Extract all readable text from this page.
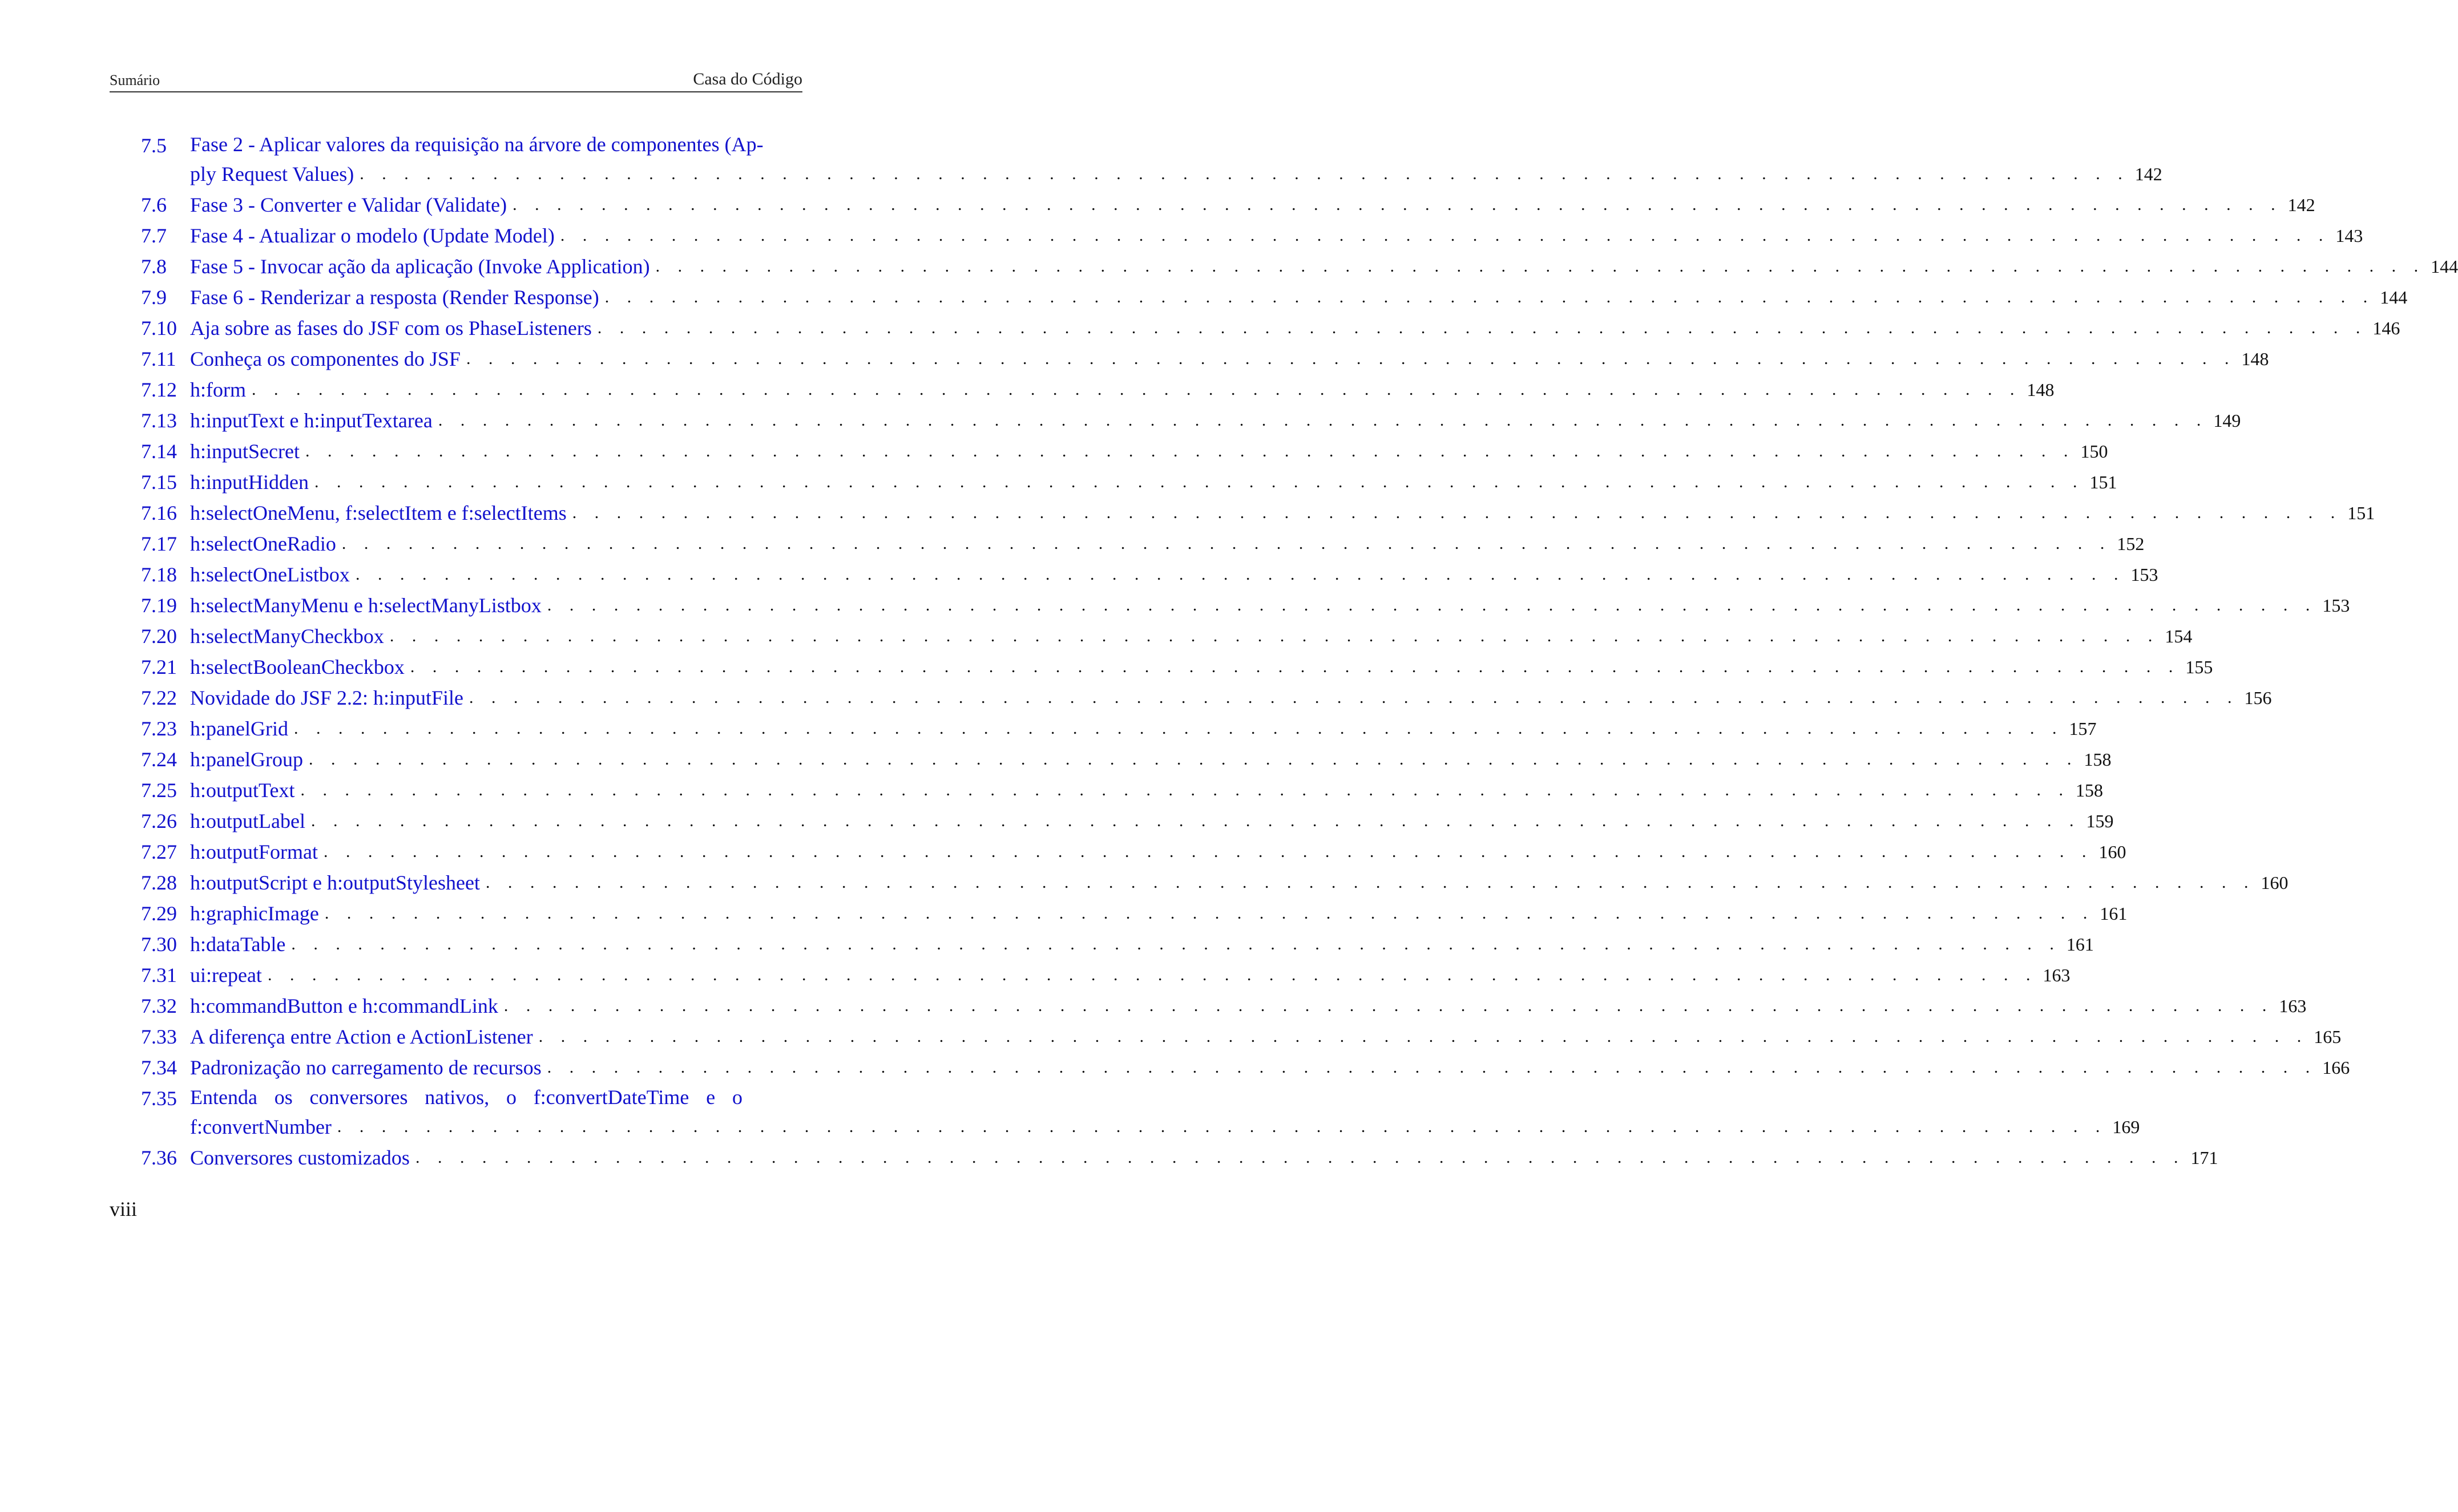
Sumário	Casa do Código
7.5	Fase 2 - Aplicar valores da requisição na árvore de componentes (Ap-
ply Request Values) . . . . . . . . . . . . . . . . . . . . . . . . . . . . . . . . . . . . . . . . . . . . . . . . . . . . . . . . . . . . . . . . . . . . . . . . . . . . . . . . 142
7.6	Fase 3 - Converter e Validar (Validate) . . . . . . . . . . . . . . . . . . . . . . . . . . . . . . . . . . . . . . . . . . . . . . . . . . . . . . . . . . . . . . . . . . . . . . . . . . . . . . . . 142
7.7	Fase 4 - Atualizar o modelo (Update Model) . . . . . . . . . . . . . . . . . . . . . . . . . . . . . . . . . . . . . . . . . . . . . . . . . . . . . . . . . . . . . . . . . . . . . . . . . . . . . . . . 143
7.8	Fase 5 - Invocar ação da aplicação (Invoke Application) . . . . . . . . . . . . . . . . . . . . . . . . . . . . . . . . . . . . . . . . . . . . . . . . . . . . . . . . . . . . . . . . . . . . . . . . . . . . . . . . 144
7.9	Fase 6 - Renderizar a resposta (Render Response) . . . . . . . . . . . . . . . . . . . . . . . . . . . . . . . . . . . . . . . . . . . . . . . . . . . . . . . . . . . . . . . . . . . . . . . . . . . . . . . . 144
7.10 Aja sobre as fases do JSF com os PhaseListeners . . . . . . . . . . . . . . . . . . . . . . . . . . . . . . . . . . . . . . . . . . . . . . . . . . . . . . . . . . . . . . . . . . . . . . . . . . . . . . . . 146
7.11 Conheça os componentes do JSF . . . . . . . . . . . . . . . . . . . . . . . . . . . . . . . . . . . . . . . . . . . . . . . . . . . . . . . . . . . . . . . . . . . . . . . . . . . . . . . . 148
7.12 h:form . . . . . . . . . . . . . . . . . . . . . . . . . . . . . . . . . . . . . . . . . . . . . . . . . . . . . . . . . . . . . . . . . . . . . . . . . . . . . . . . 148
7.13 h:inputText e h:inputTextarea . . . . . . . . . . . . . . . . . . . . . . . . . . . . . . . . . . . . . . . . . . . . . . . . . . . . . . . . . . . . . . . . . . . . . . . . . . . . . . . . 149
7.14 h:inputSecret . . . . . . . . . . . . . . . . . . . . . . . . . . . . . . . . . . . . . . . . . . . . . . . . . . . . . . . . . . . . . . . . . . . . . . . . . . . . . . . . 150
7.15 h:inputHidden . . . . . . . . . . . . . . . . . . . . . . . . . . . . . . . . . . . . . . . . . . . . . . . . . . . . . . . . . . . . . . . . . . . . . . . . . . . . . . . . 151
7.16 h:selectOneMenu, f:selectItem e f:selectItems . . . . . . . . . . . . . . . . . . . . . . . . . . . . . . . . . . . . . . . . . . . . . . . . . . . . . . . . . . . . . . . . . . . . . . . . . . . . . . . . 151
7.17 h:selectOneRadio . . . . . . . . . . . . . . . . . . . . . . . . . . . . . . . . . . . . . . . . . . . . . . . . . . . . . . . . . . . . . . . . . . . . . . . . . . . . . . . . 152
7.18 h:selectOneListbox . . . . . . . . . . . . . . . . . . . . . . . . . . . . . . . . . . . . . . . . . . . . . . . . . . . . . . . . . . . . . . . . . . . . . . . . . . . . . . . . 153
7.19 h:selectManyMenu e h:selectManyListbox . . . . . . . . . . . . . . . . . . . . . . . . . . . . . . . . . . . . . . . . . . . . . . . . . . . . . . . . . . . . . . . . . . . . . . . . . . . . . . . . 153
7.20 h:selectManyCheckbox . . . . . . . . . . . . . . . . . . . . . . . . . . . . . . . . . . . . . . . . . . . . . . . . . . . . . . . . . . . . . . . . . . . . . . . . . . . . . . . . 154
7.21 h:selectBooleanCheckbox . . . . . . . . . . . . . . . . . . . . . . . . . . . . . . . . . . . . . . . . . . . . . . . . . . . . . . . . . . . . . . . . . . . . . . . . . . . . . . . . 155
7.22 Novidade do JSF 2.2: h:inputFile . . . . . . . . . . . . . . . . . . . . . . . . . . . . . . . . . . . . . . . . . . . . . . . . . . . . . . . . . . . . . . . . . . . . . . . . . . . . . . . . 156
7.23 h:panelGrid . . . . . . . . . . . . . . . . . . . . . . . . . . . . . . . . . . . . . . . . . . . . . . . . . . . . . . . . . . . . . . . . . . . . . . . . . . . . . . . . 157
7.24 h:panelGroup . . . . . . . . . . . . . . . . . . . . . . . . . . . . . . . . . . . . . . . . . . . . . . . . . . . . . . . . . . . . . . . . . . . . . . . . . . . . . . . . 158
7.25 h:outputText . . . . . . . . . . . . . . . . . . . . . . . . . . . . . . . . . . . . . . . . . . . . . . . . . . . . . . . . . . . . . . . . . . . . . . . . . . . . . . . . 158
7.26 h:outputLabel . . . . . . . . . . . . . . . . . . . . . . . . . . . . . . . . . . . . . . . . . . . . . . . . . . . . . . . . . . . . . . . . . . . . . . . . . . . . . . . . 159
7.27 h:outputFormat . . . . . . . . . . . . . . . . . . . . . . . . . . . . . . . . . . . . . . . . . . . . . . . . . . . . . . . . . . . . . . . . . . . . . . . . . . . . . . . . 160
7.28 h:outputScript e h:outputStylesheet . . . . . . . . . . . . . . . . . . . . . . . . . . . . . . . . . . . . . . . . . . . . . . . . . . . . . . . . . . . . . . . . . . . . . . . . . . . . . . . . 160
7.29 h:graphicImage . . . . . . . . . . . . . . . . . . . . . . . . . . . . . . . . . . . . . . . . . . . . . . . . . . . . . . . . . . . . . . . . . . . . . . . . . . . . . . . . 161
7.30 h:dataTable . . . . . . . . . . . . . . . . . . . . . . . . . . . . . . . . . . . . . . . . . . . . . . . . . . . . . . . . . . . . . . . . . . . . . . . . . . . . . . . . 161
7.31 ui:repeat . . . . . . . . . . . . . . . . . . . . . . . . . . . . . . . . . . . . . . . . . . . . . . . . . . . . . . . . . . . . . . . . . . . . . . . . . . . . . . . . 163
7.32 h:commandButton e h:commandLink . . . . . . . . . . . . . . . . . . . . . . . . . . . . . . . . . . . . . . . . . . . . . . . . . . . . . . . . . . . . . . . . . . . . . . . . . . . . . . . . 163
7.33 A diferença entre Action e ActionListener . . . . . . . . . . . . . . . . . . . . . . . . . . . . . . . . . . . . . . . . . . . . . . . . . . . . . . . . . . . . . . . . . . . . . . . . . . . . . . . . 165
7.34 Padronização no carregamento de recursos . . . . . . . . . . . . . . . . . . . . . . . . . . . . . . . . . . . . . . . . . . . . . . . . . . . . . . . . . . . . . . . . . . . . . . . . . . . . . . . . 166
7.35 Entenda os conversores nativos, o f:convertDateTime e o
f:convertNumber . . . . . . . . . . . . . . . . . . . . . . . . . . . . . . . . . . . . . . . . . . . . . . . . . . . . . . . . . . . . . . . . . . . . . . . . . . . . . . . . 169
7.36 Conversores customizados . . . . . . . . . . . . . . . . . . . . . . . . . . . . . . . . . . . . . . . . . . . . . . . . . . . . . . . . . . . . . . . . . . . . . . . . . . . . . . . . 171
viii
